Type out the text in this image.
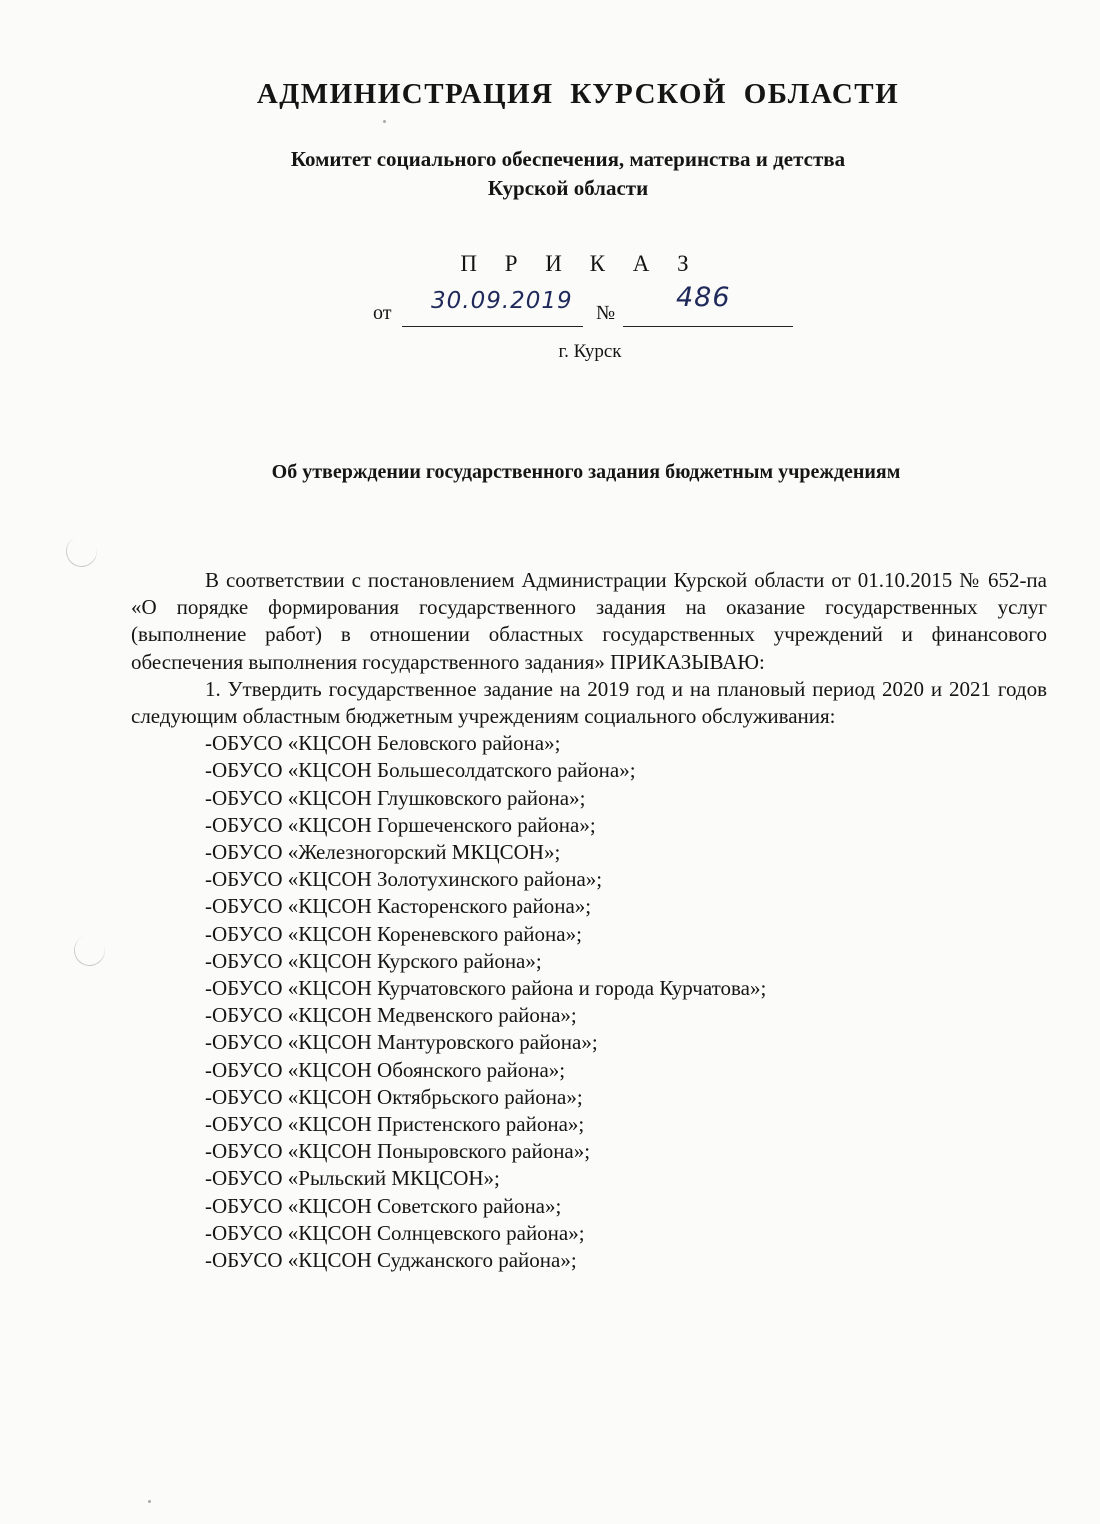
АДМИНИСТРАЦИЯ КУРСКОЙ ОБЛАСТИ
Комитет социального обеспечения, материнства и детства
Курской области
П Р И К А З
от 30.09.2019 № 486
г. Курск
Об утверждении государственного задания бюджетным учреждениям

В соответствии с постановлением Администрации Курской области от 01.10.2015 № 652-па «О порядке формирования государственного задания на оказание государственных услуг (выполнение работ) в отношении областных государственных учреждений и финансового обеспечения выполнения государственного задания» ПРИКАЗЫВАЮ:

1. Утвердить государственное задание на 2019 год и на плановый период 2020 и 2021 годов следующим областным бюджетным учреждениям социального обслуживания:

-ОБУСО «КЦСОН Беловского района»;
-ОБУСО «КЦСОН Большесолдатского района»;
-ОБУСО «КЦСОН Глушковского района»;
-ОБУСО «КЦСОН Горшеченского района»;
-ОБУСО «Железногорский МКЦСОН»;
-ОБУСО «КЦСОН Золотухинского района»;
-ОБУСО «КЦСОН Касторенского района»;
-ОБУСО «КЦСОН Кореневского района»;
-ОБУСО «КЦСОН Курского района»;
-ОБУСО «КЦСОН Курчатовского района и города Курчатова»;
-ОБУСО «КЦСОН Медвенского района»;
-ОБУСО «КЦСОН Мантуровского района»;
-ОБУСО «КЦСОН Обоянского района»;
-ОБУСО «КЦСОН Октябрьского района»;
-ОБУСО «КЦСОН Пристенского района»;
-ОБУСО «КЦСОН Поныровского района»;
-ОБУСО «Рыльский МКЦСОН»;
-ОБУСО «КЦСОН Советского района»;
-ОБУСО «КЦСОН Солнцевского района»;
-ОБУСО «КЦСОН Суджанского района»;
